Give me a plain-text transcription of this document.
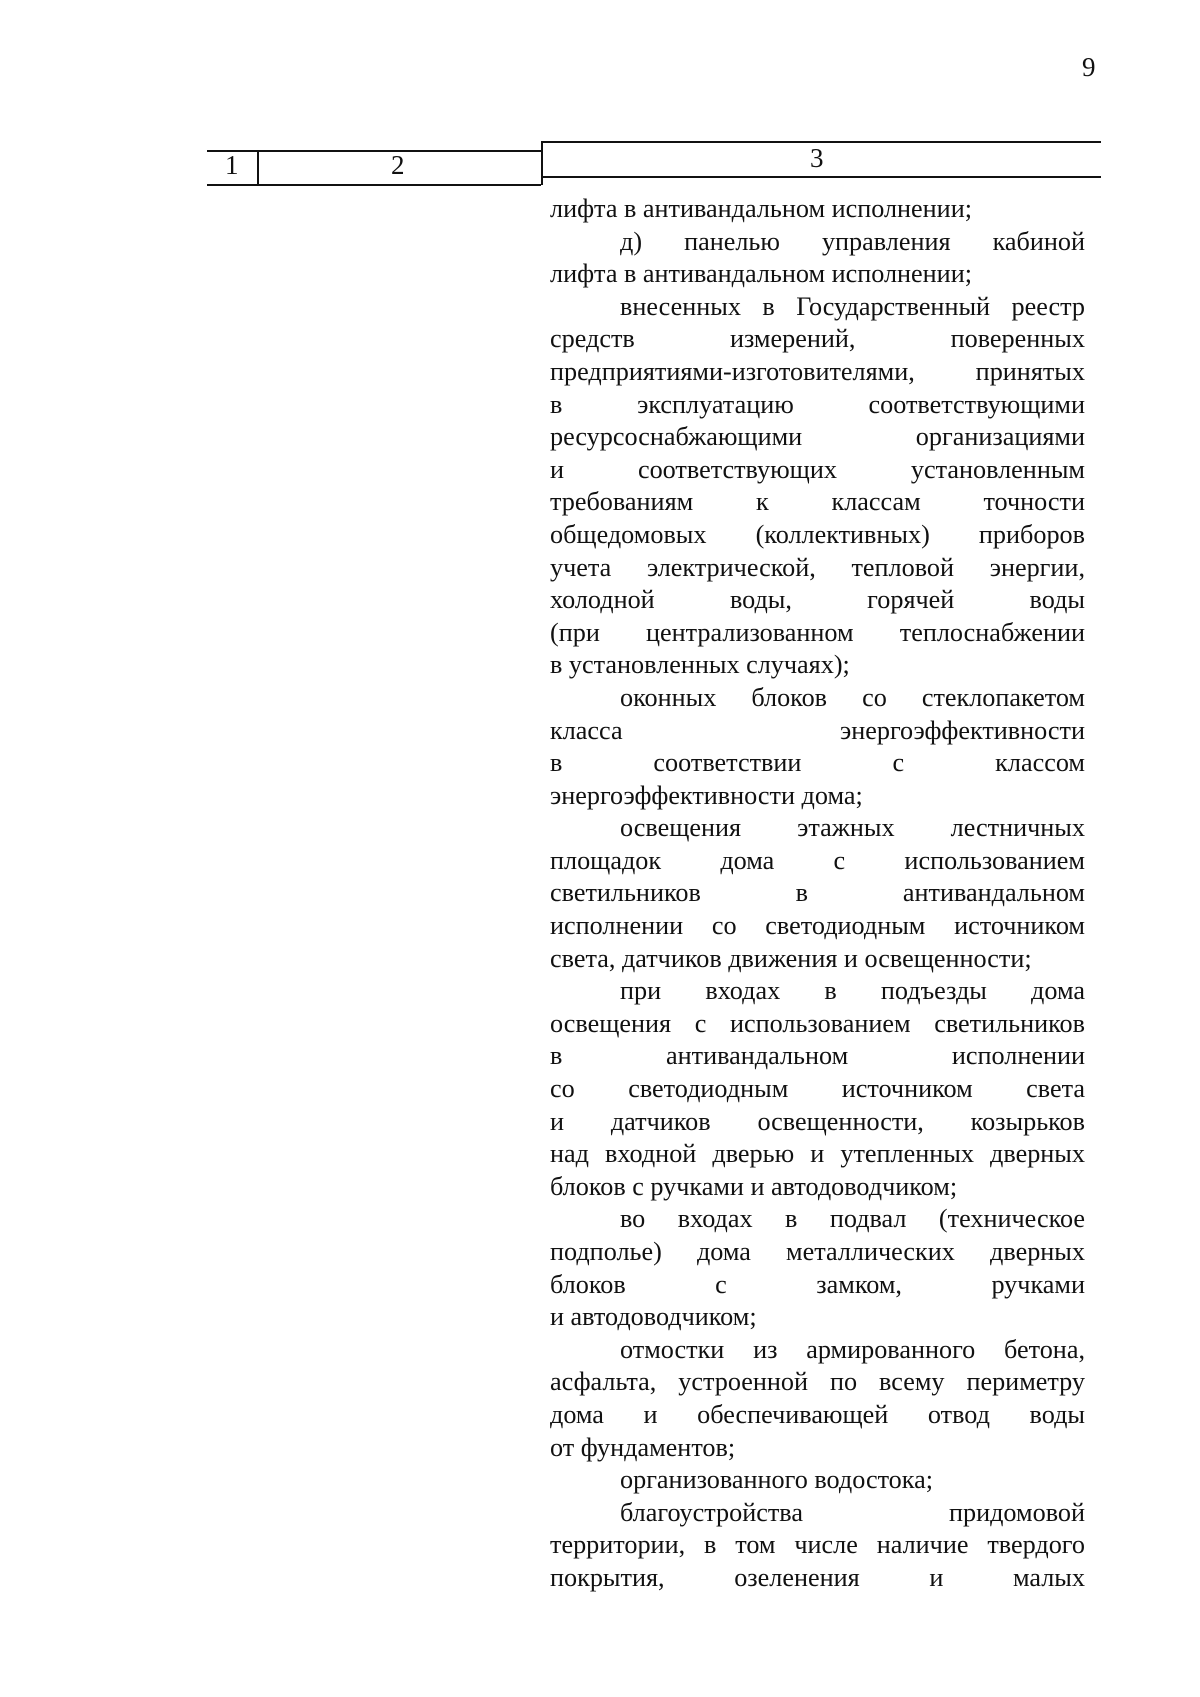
9
1	2	3
лифта в антивандальном исполнении;
д) панелью управления кабиной
лифта в антивандальном исполнении;
внесенных в Государственный реестр
средств измерений, поверенных
предприятиями-изготовителями, принятых
в эксплуатацию соответствующими
ресурсоснабжающими организациями
и соответствующих установленным
требованиям к классам точности
общедомовых (коллективных) приборов
учета электрической, тепловой энергии,
холодной воды, горячей воды
(при централизованном теплоснабжении
в установленных случаях);
оконных блоков со стеклопакетом
класса энергоэффективности
в соответствии с классом
энергоэффективности дома;
освещения этажных лестничных
площадок дома с использованием
светильников в антивандальном
исполнении со светодиодным источником
света, датчиков движения и освещенности;
при входах в подъезды дома
освещения с использованием светильников
в антивандальном исполнении
со светодиодным источником света
и датчиков освещенности, козырьков
над входной дверью и утепленных дверных
блоков с ручками и автодоводчиком;
во входах в подвал (техническое
подполье) дома металлических дверных
блоков с замком, ручками
и автодоводчиком;
отмостки из армированного бетона,
асфальта, устроенной по всему периметру
дома и обеспечивающей отвод воды
от фундаментов;
организованного водостока;
благоустройства придомовой
территории, в том числе наличие твердого
покрытия, озеленения и малых
